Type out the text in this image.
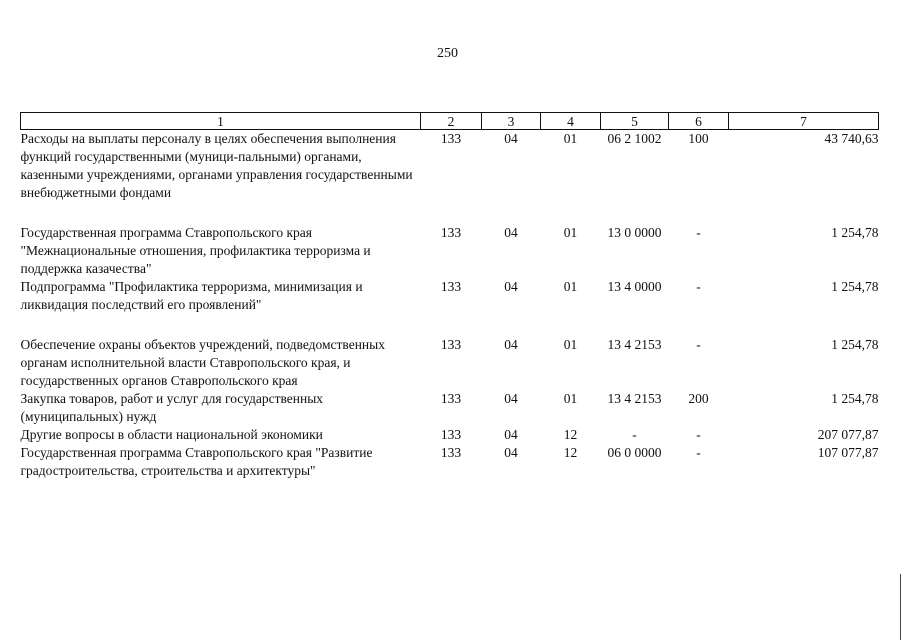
250
1	2	3	4	5	6	7
Расходы на выплаты персоналу в целях обеспечения выполнения функций государственными (муници-пальными) органами, казенными учреждениями, органами управления государственными внебюджетными фондами	133	04	01	06 2 1002	100	43 740,63
Государственная программа Ставропольского края "Межнациональные отношения, профилактика терроризма и поддержка казачества"	133	04	01	13 0 0000	-	1 254,78
Подпрограмма "Профилактика терроризма, минимизация и ликвидация последствий его проявлений"	133	04	01	13 4 0000	-	1 254,78
Обеспечение охраны объектов учреждений, подведомственных органам исполнительной власти Ставропольского края, и государственных органов Ставропольского края	133	04	01	13 4 2153	-	1 254,78
Закупка товаров, работ и услуг для государственных (муниципальных) нужд	133	04	01	13 4 2153	200	1 254,78
Другие вопросы в области национальной экономики	133	04	12	-	-	207 077,87
Государственная программа Ставропольского края "Развитие градостроительства, строительства и архитектуры"	133	04	12	06 0 0000	-	107 077,87
